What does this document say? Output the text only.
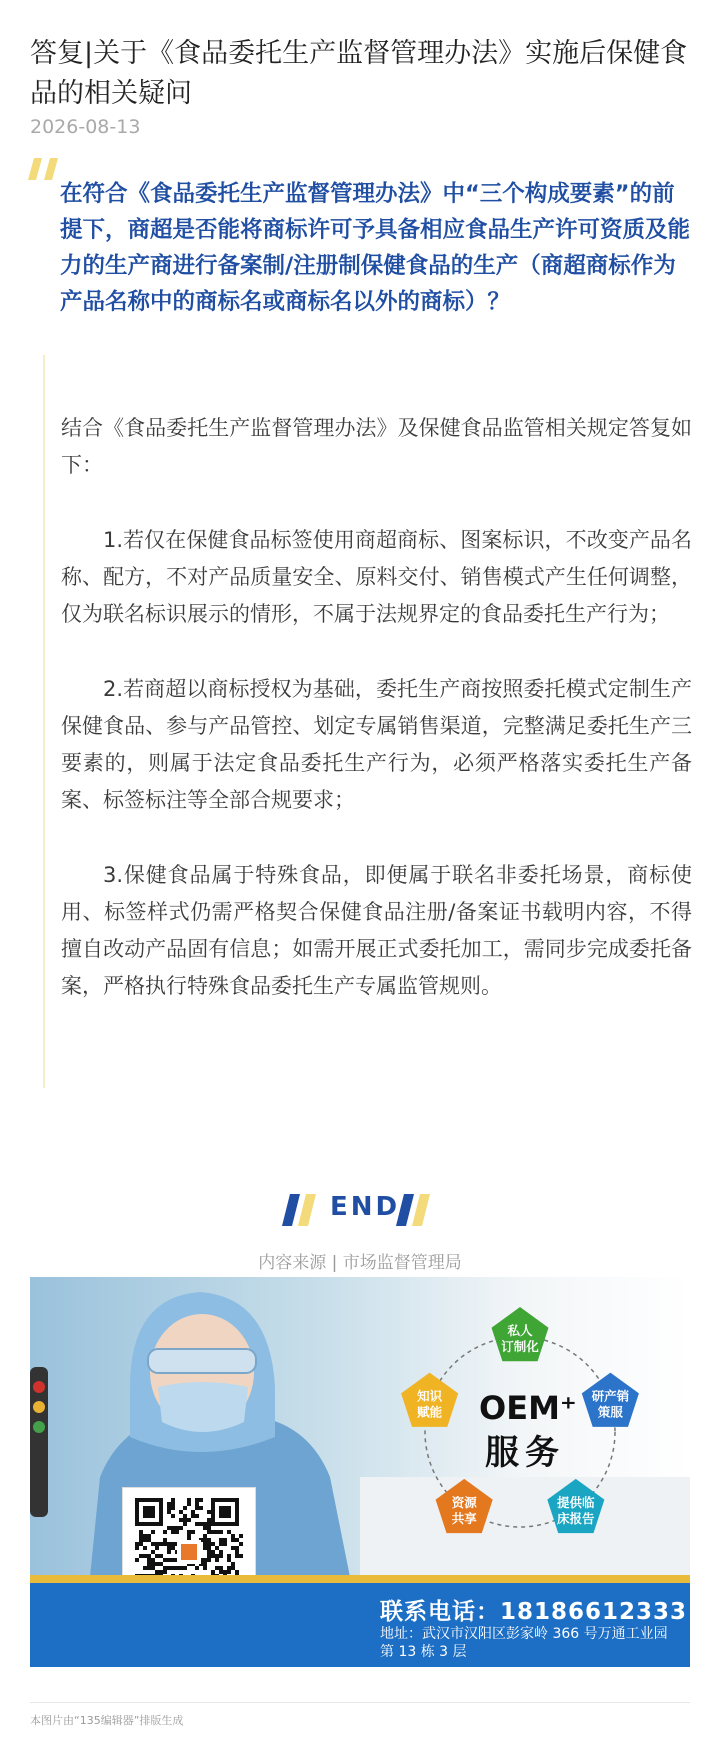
答复|关于《食品委托生产监督管理办法》实施后保健食品的相关疑问
2026-08-13
在符合《食品委托生产监督管理办法》中“三个构成要素”的前提下，商超是否能将商标许可予具备相应食品生产许可资质及能力的生产商进行备案制/注册制保健食品的生产（商超商标作为产品名称中的商标名或商标名以外的商标）？

结合《食品委托生产监督管理办法》及保健食品监管相关规定答复如下：

1.若仅在保健食品标签使用商超商标、图案标识，不改变产品名称、配方，不对产品质量安全、原料交付、销售模式产生任何调整，仅为联名标识展示的情形，不属于法规界定的食品委托生产行为；

2.若商超以商标授权为基础，委托生产商按照委托模式定制生产保健食品、参与产品管控、划定专属销售渠道，完整满足委托生产三要素的，则属于法定食品委托生产行为，必须严格落实委托生产备案、标签标注等全部合规要求；

3.保健食品属于特殊食品，即便属于联名非委托场景，商标使用、标签样式仍需严格契合保健食品注册/备案证书载明内容，不得擅自改动产品固有信息；如需开展正式委托加工，需同步完成委托备案，严格执行特殊食品委托生产专属监管规则。

END
内容来源 | 市场监督管理局
私人
订制化
研产销
策服
提供临
床报告
资源
共享
知识
赋能 OEM⁺
服务
联系电话：18186612333
地址：武汉市汉阳区彭家岭 366 号万通工业园第 13 栋 3 层
本图片由“135编辑器”排版生成
